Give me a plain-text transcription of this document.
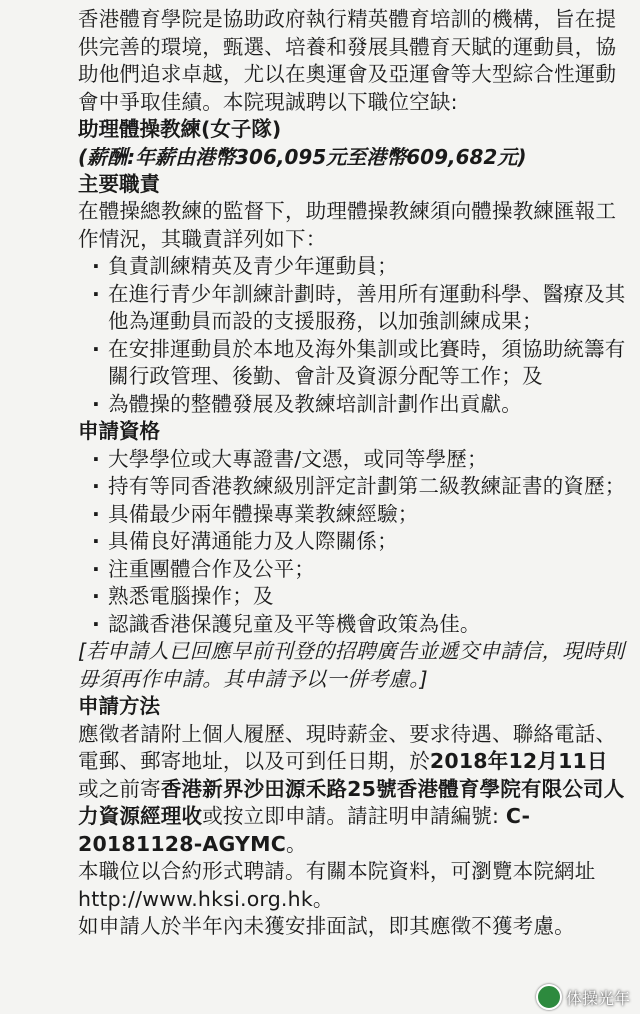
香港體育學院是協助政府執行精英體育培訓的機構，旨在提供完善的環境，甄選、培養和發展具體育天賦的運動員，協助他們追求卓越，尤以在奧運會及亞運會等大型綜合性運動會中爭取佳績。本院現誠聘以下職位空缺:

助理體操教練(女子隊)

(薪酬:年薪由港幣306,095元至港幣609,682元)

主要職責

在體操總教練的監督下，助理體操教練須向體操教練匯報工作情況，其職責詳列如下：

· 負責訓練精英及青少年運動員；
· 在進行青少年訓練計劃時，善用所有運動科學、醫療及其他為運動員而設的支援服務，以加強訓練成果；
· 在安排運動員於本地及海外集訓或比賽時，須協助統籌有關行政管理、後勤、會計及資源分配等工作；及
· 為體操的整體發展及教練培訓計劃作出貢獻。

申請資格

· 大學學位或大專證書/文憑，或同等學歷；
· 持有等同香港教練級別評定計劃第二級教練証書的資歷；
· 具備最少兩年體操專業教練經驗；
· 具備良好溝通能力及人際關係；
· 注重團體合作及公平；
· 熟悉電腦操作；及
· 認識香港保護兒童及平等機會政策為佳。

[若申請人已回應早前刊登的招聘廣告並遞交申請信，現時則毋須再作申請。其申請予以一併考慮。]

申請方法

應徵者請附上個人履歷、現時薪金、要求待遇、聯絡電話、電郵、郵寄地址，以及可到任日期，於2018年12月11日或之前寄香港新界沙田源禾路25號香港體育學院有限公司人力資源經理收或按立即申請。請註明申請編號: C-20181128-AGYMC。

本職位以合約形式聘請。有關本院資料，可瀏覽本院網址 http://www.hksi.org.hk。

如申請人於半年內未獲安排面試，即其應徵不獲考慮。

体操光年
